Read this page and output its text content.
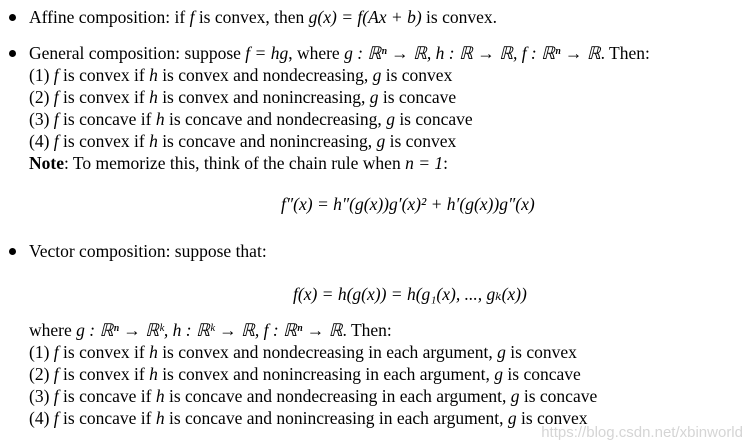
Affine composition: if f is convex, then g(x) = f(Ax + b) is convex.
General composition: suppose f = hg, where g : ℝⁿ → ℝ, h : ℝ → ℝ, f : ℝⁿ → ℝ. Then:
(1) f is convex if h is convex and nondecreasing, g is convex
(2) f is convex if h is convex and nonincreasing, g is concave
(3) f is concave if h is concave and nondecreasing, g is concave
(4) f is convex if h is concave and nonincreasing, g is convex
Note: To memorize this, think of the chain rule when n = 1:
f″(x) = h″(g(x))g′(x)² + h′(g(x))g″(x)
Vector composition: suppose that:
f(x) = h(g(x)) = h(g₁(x), ..., gₖ(x))
where g : ℝⁿ → ℝᵏ, h : ℝᵏ → ℝ, f : ℝⁿ → ℝ. Then:
(1) f is convex if h is convex and nondecreasing in each argument, g is convex
(2) f is convex if h is convex and nonincreasing in each argument, g is concave
(3) f is concave if h is concave and nondecreasing in each argument, g is concave
(4) f is concave if h is concave and nonincreasing in each argument, g is convex
https://blog.csdn.net/xbinworld
